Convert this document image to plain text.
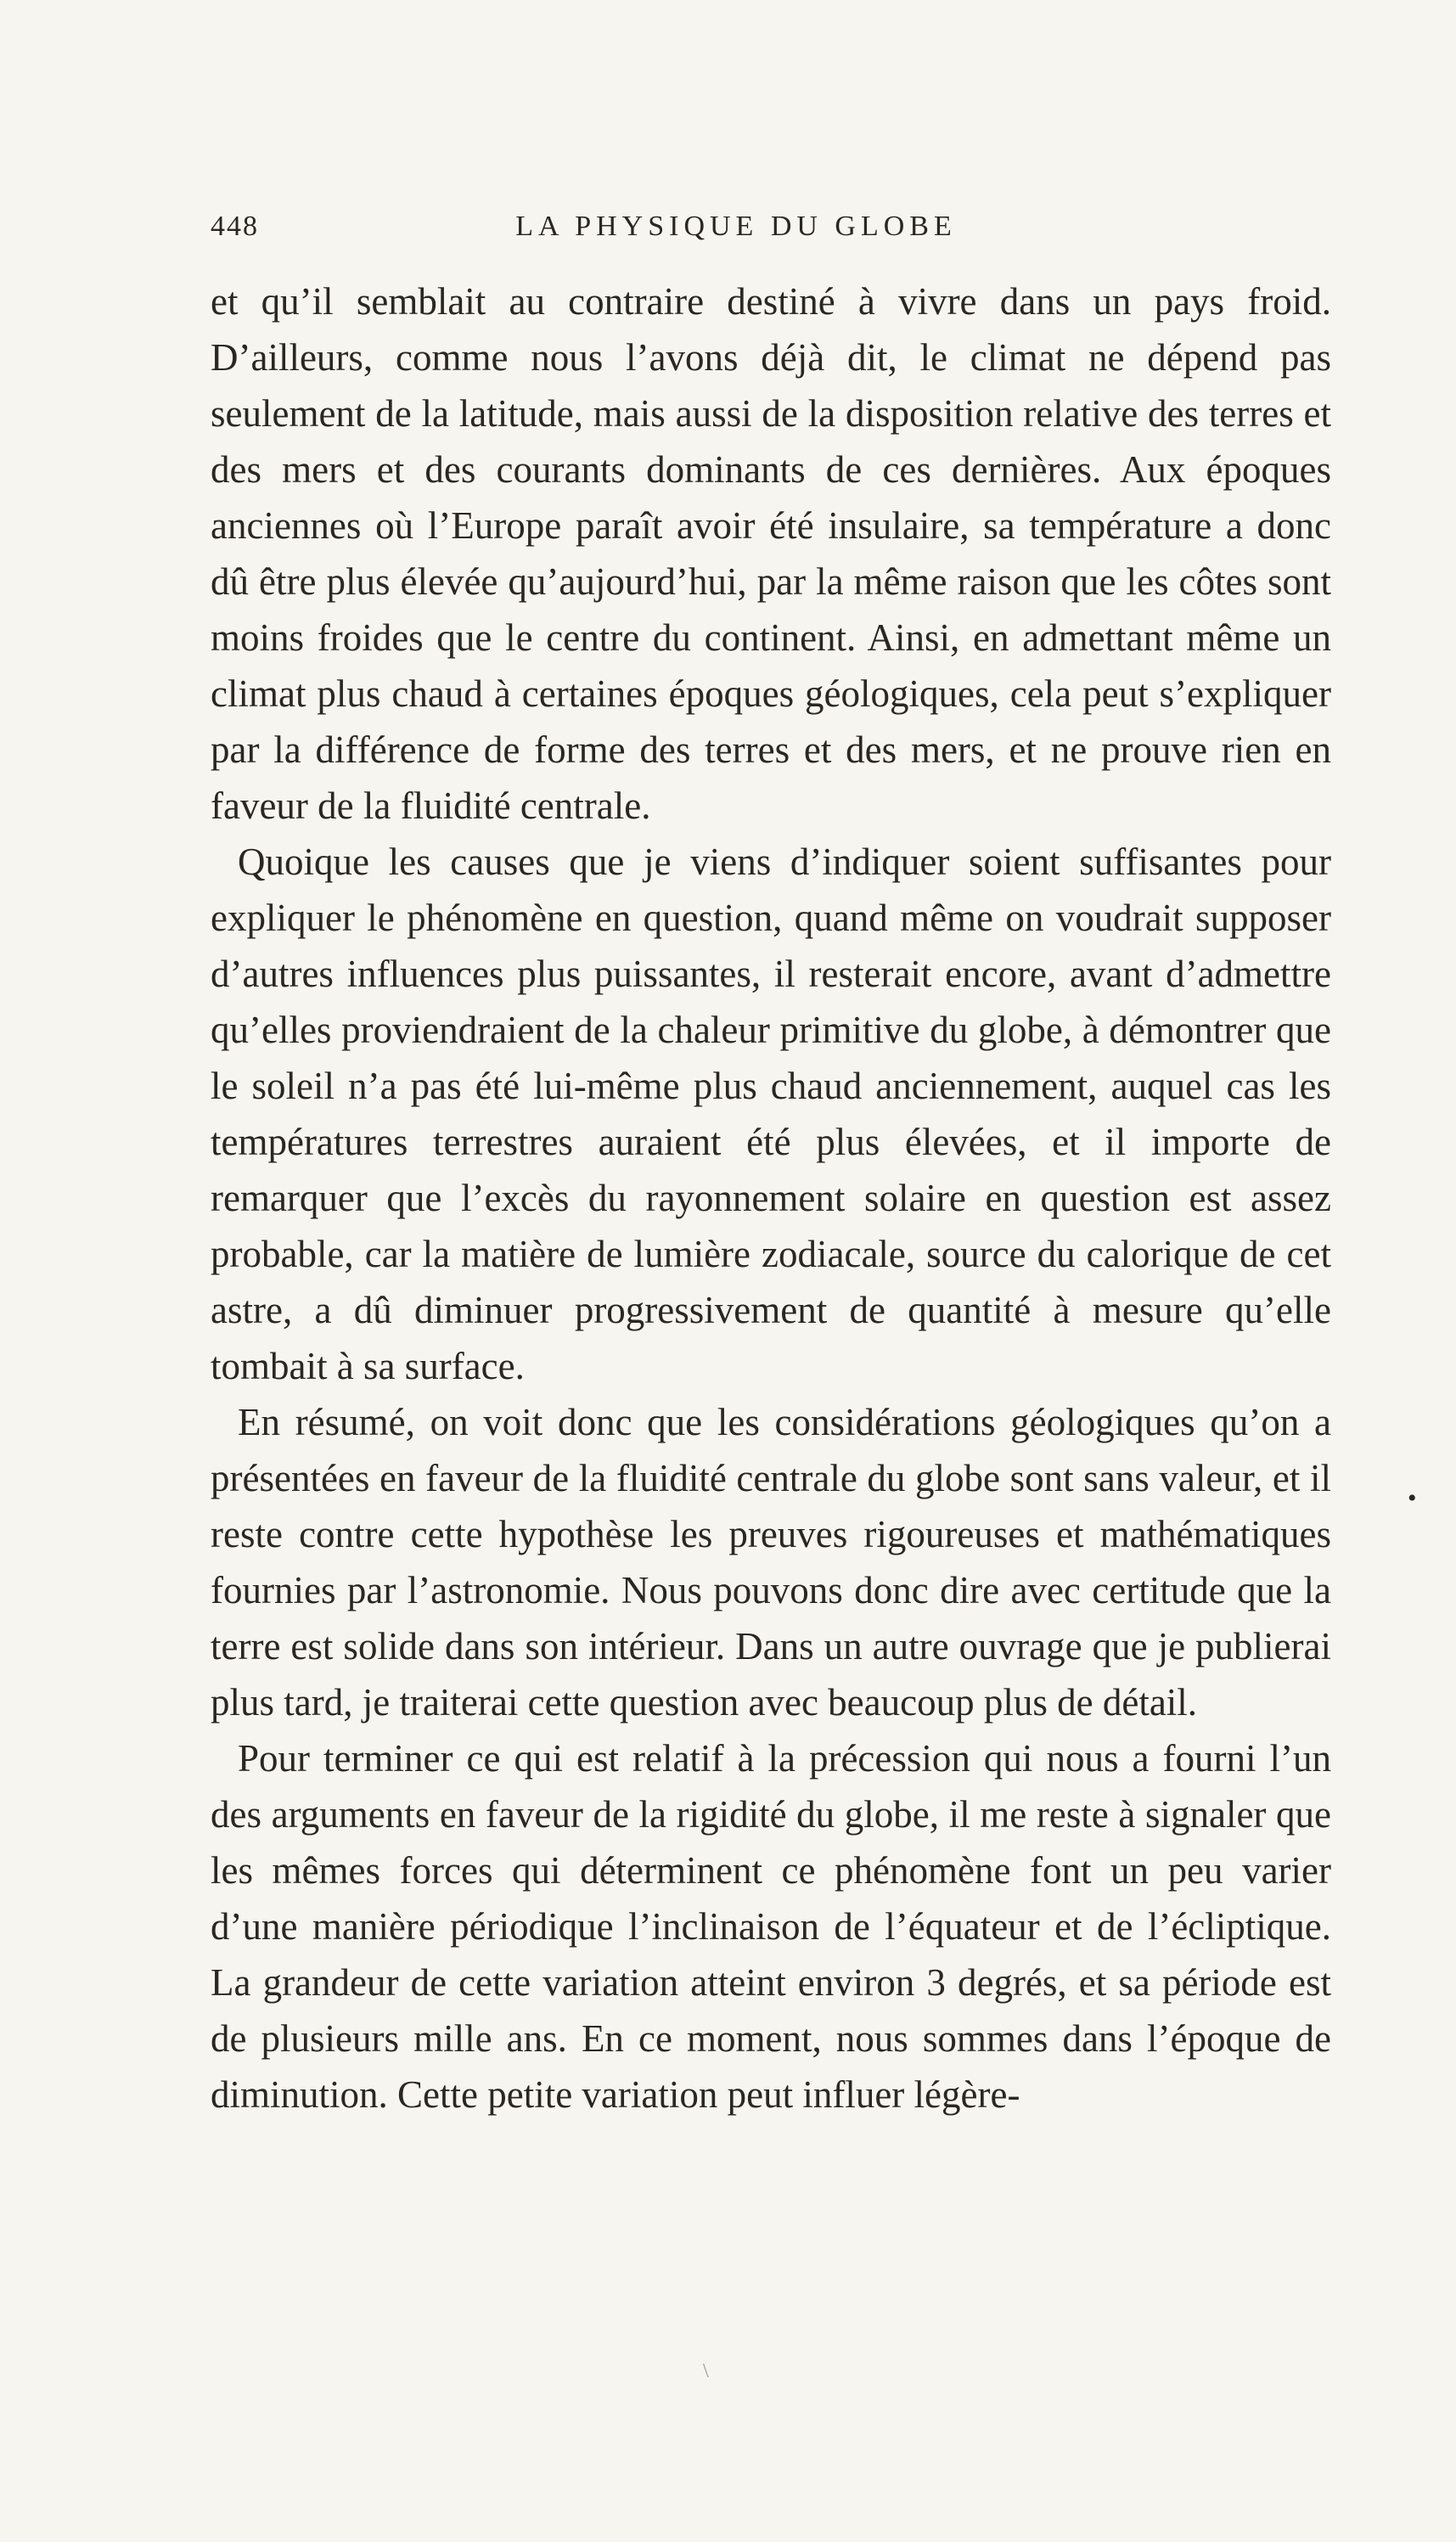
448	LA PHYSIQUE DU GLOBE

et qu’il semblait au contraire destiné à vivre dans un pays froid. D’ailleurs, comme nous l’avons déjà dit, le climat ne dépend pas seulement de la latitude, mais aussi de la disposition relative des terres et des mers et des courants dominants de ces dernières. Aux époques anciennes où l’Europe paraît avoir été insulaire, sa température a donc dû être plus élevée qu’aujourd’hui, par la même raison que les côtes sont moins froides que le centre du continent. Ainsi, en admettant même un climat plus chaud à certaines époques géologiques, cela peut s’expliquer par la différence de forme des terres et des mers, et ne prouve rien en faveur de la fluidité centrale.

Quoique les causes que je viens d’indiquer soient suffisantes pour expliquer le phénomène en question, quand même on voudrait supposer d’autres influences plus puissantes, il resterait encore, avant d’admettre qu’elles proviendraient de la chaleur primitive du globe, à démontrer que le soleil n’a pas été lui-même plus chaud anciennement, auquel cas les températures terrestres auraient été plus élevées, et il importe de remarquer que l’excès du rayonnement solaire en question est assez probable, car la matière de lumière zodiacale, source du calorique de cet astre, a dû diminuer progressivement de quantité à mesure qu’elle tombait à sa surface.

En résumé, on voit donc que les considérations géologiques qu’on a présentées en faveur de la fluidité centrale du globe sont sans valeur, et il reste contre cette hypothèse les preuves rigoureuses et mathématiques fournies par l’astronomie. Nous pouvons donc dire avec certitude que la terre est solide dans son intérieur. Dans un autre ouvrage que je publierai plus tard, je traiterai cette question avec beaucoup plus de détail.

Pour terminer ce qui est relatif à la précession qui nous a fourni l’un des arguments en faveur de la rigidité du globe, il me reste à signaler que les mêmes forces qui déterminent ce phénomène font un peu varier d’une manière périodique l’inclinaison de l’équateur et de l’écliptique. La grandeur de cette variation atteint environ 3 degrés, et sa période est de plusieurs mille ans. En ce moment, nous sommes dans l’époque de diminution. Cette petite variation peut influer légère-

•
\
